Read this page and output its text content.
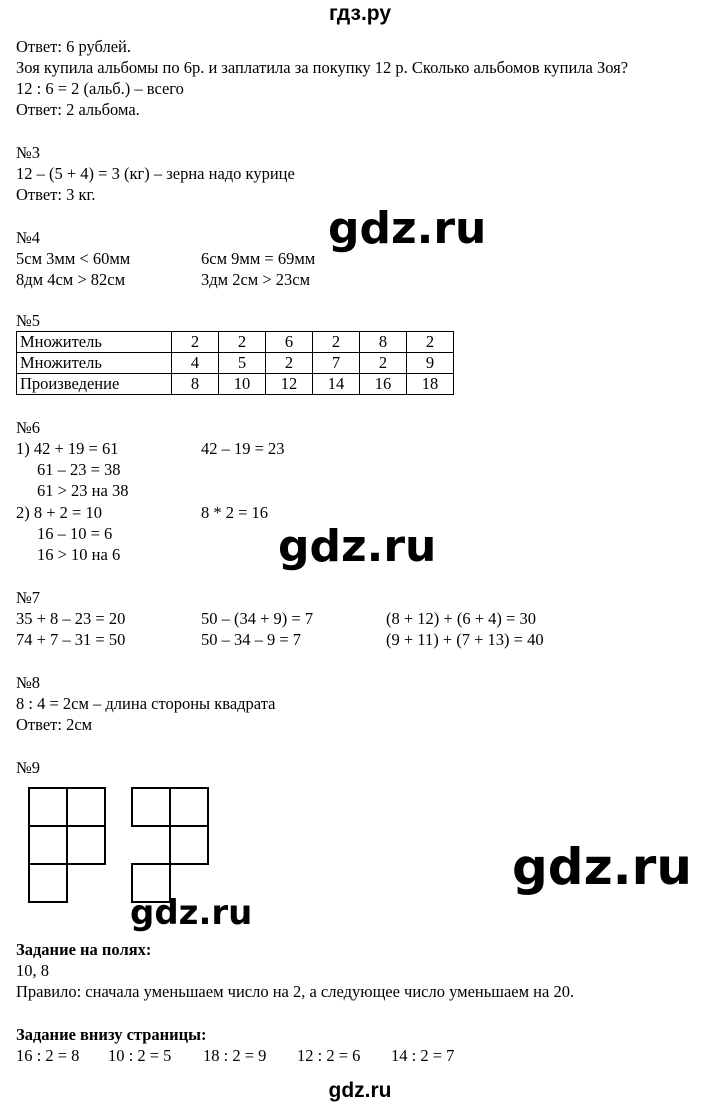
гдз.ру
Ответ: 6 рублей.
Зоя купила альбомы по 6р. и заплатила за покупку 12 р. Сколько альбомов купила Зоя?
12 : 6 = 2 (альб.) – всего
Ответ: 2 альбома.
№3
12 – (5 + 4) = 3 (кг) – зерна надо курице
Ответ: 3 кг.
gdz.ru
№4
5см 3мм < 60мм	6см 9мм = 69мм
8дм 4см > 82см	3дм 2см > 23см
№5
Множитель	2	2	6	2	8	2
Множитель	4	5	2	7	2	9
Произведение	8	10	12	14	16	18
№6
1) 42 + 19 = 61	42 – 19 = 23
61 – 23 = 38
61 > 23 на 38
2) 8 + 2 = 10	8 * 2 = 16
16 – 10 = 6
16 > 10 на 6	gdz.ru
№7
35 + 8 – 23 = 20	50 – (34 + 9) = 7	(8 + 12) + (6 + 4) = 30
74 + 7 – 31 = 50	50 – 34 – 9 = 7	(9 + 11) + (7 + 13) = 40
№8
8 : 4 = 2см – длина стороны квадрата
Ответ: 2см
№9
gdz.ru
gdz.ru
Задание на полях:
10, 8
Правило: сначала уменьшаем число на 2, а следующее число уменьшаем на 20.
Задание внизу страницы:
16 : 2 = 8 10 : 2 = 5 18 : 2 = 9 12 : 2 = 6 14 : 2 = 7
gdz.ru
